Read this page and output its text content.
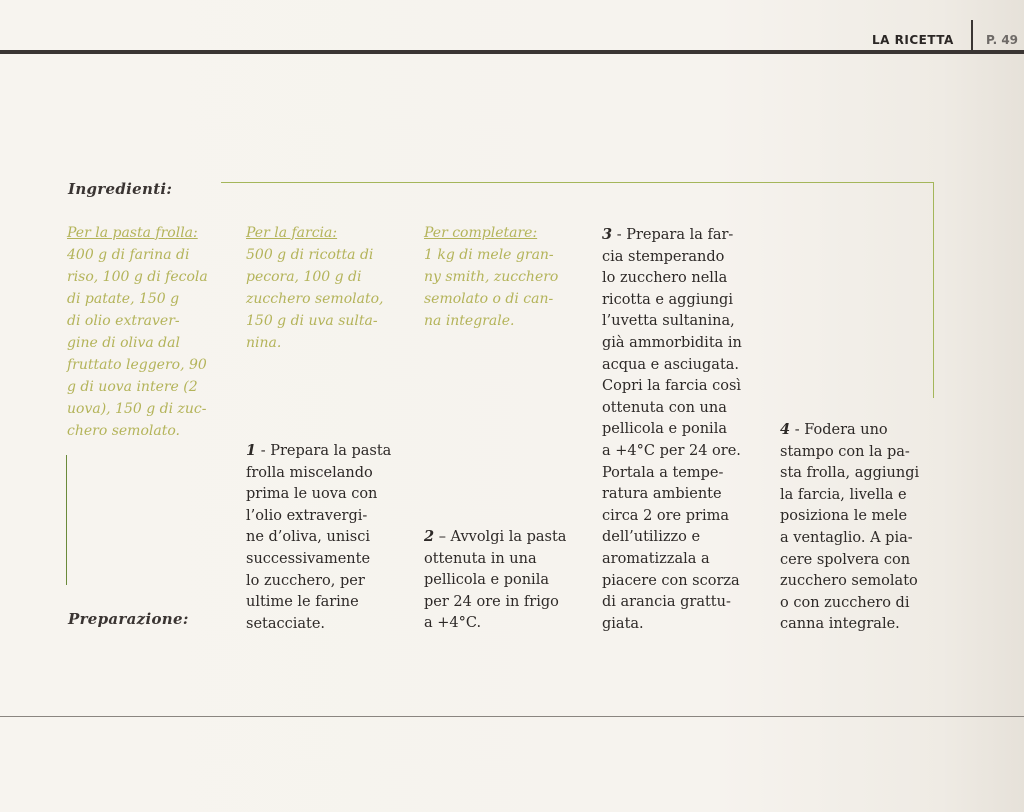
LA RICETTA	P. 49
Ingredienti:
Per la pasta frolla:
400 g di farina di
riso, 100 g di fecola
di patate, 150 g
di olio extraver-
gine di oliva dal
fruttato leggero, 90
g di uova intere (2
uova), 150 g di zuc-
chero semolato.
Per la farcia:
500 g di ricotta di
pecora, 100 g di
zucchero semolato,
150 g di uva sulta-
nina.
Per completare:
1 kg di mele gran-
ny smith, zucchero
semolato o di can-
na integrale.
Preparazione:
1 - Prepara la pasta
frolla miscelando
prima le uova con
l’olio extravergi-
ne d’oliva, unisci
successivamente
lo zucchero, per
ultime le farine
setacciate.
2 – Avvolgi la pasta
ottenuta in una
pellicola e ponila
per 24 ore in frigo
a +4°C.
3 - Prepara la far-
cia stemperando
lo zucchero nella
ricotta e aggiungi
l’uvetta sultanina,
già ammorbidita in
acqua e asciugata.
Copri la farcia così
ottenuta con una
pellicola e ponila
a +4°C per 24 ore.
Portala a tempe-
ratura ambiente
circa 2 ore prima
dell’utilizzo e
aromatizzala a
piacere con scorza
di arancia grattu-
giata.
4 - Fodera uno
stampo con la pa-
sta frolla, aggiungi
la farcia, livella e
posiziona le mele
a ventaglio. A pia-
cere spolvera con
zucchero semolato
o con zucchero di
canna integrale.
